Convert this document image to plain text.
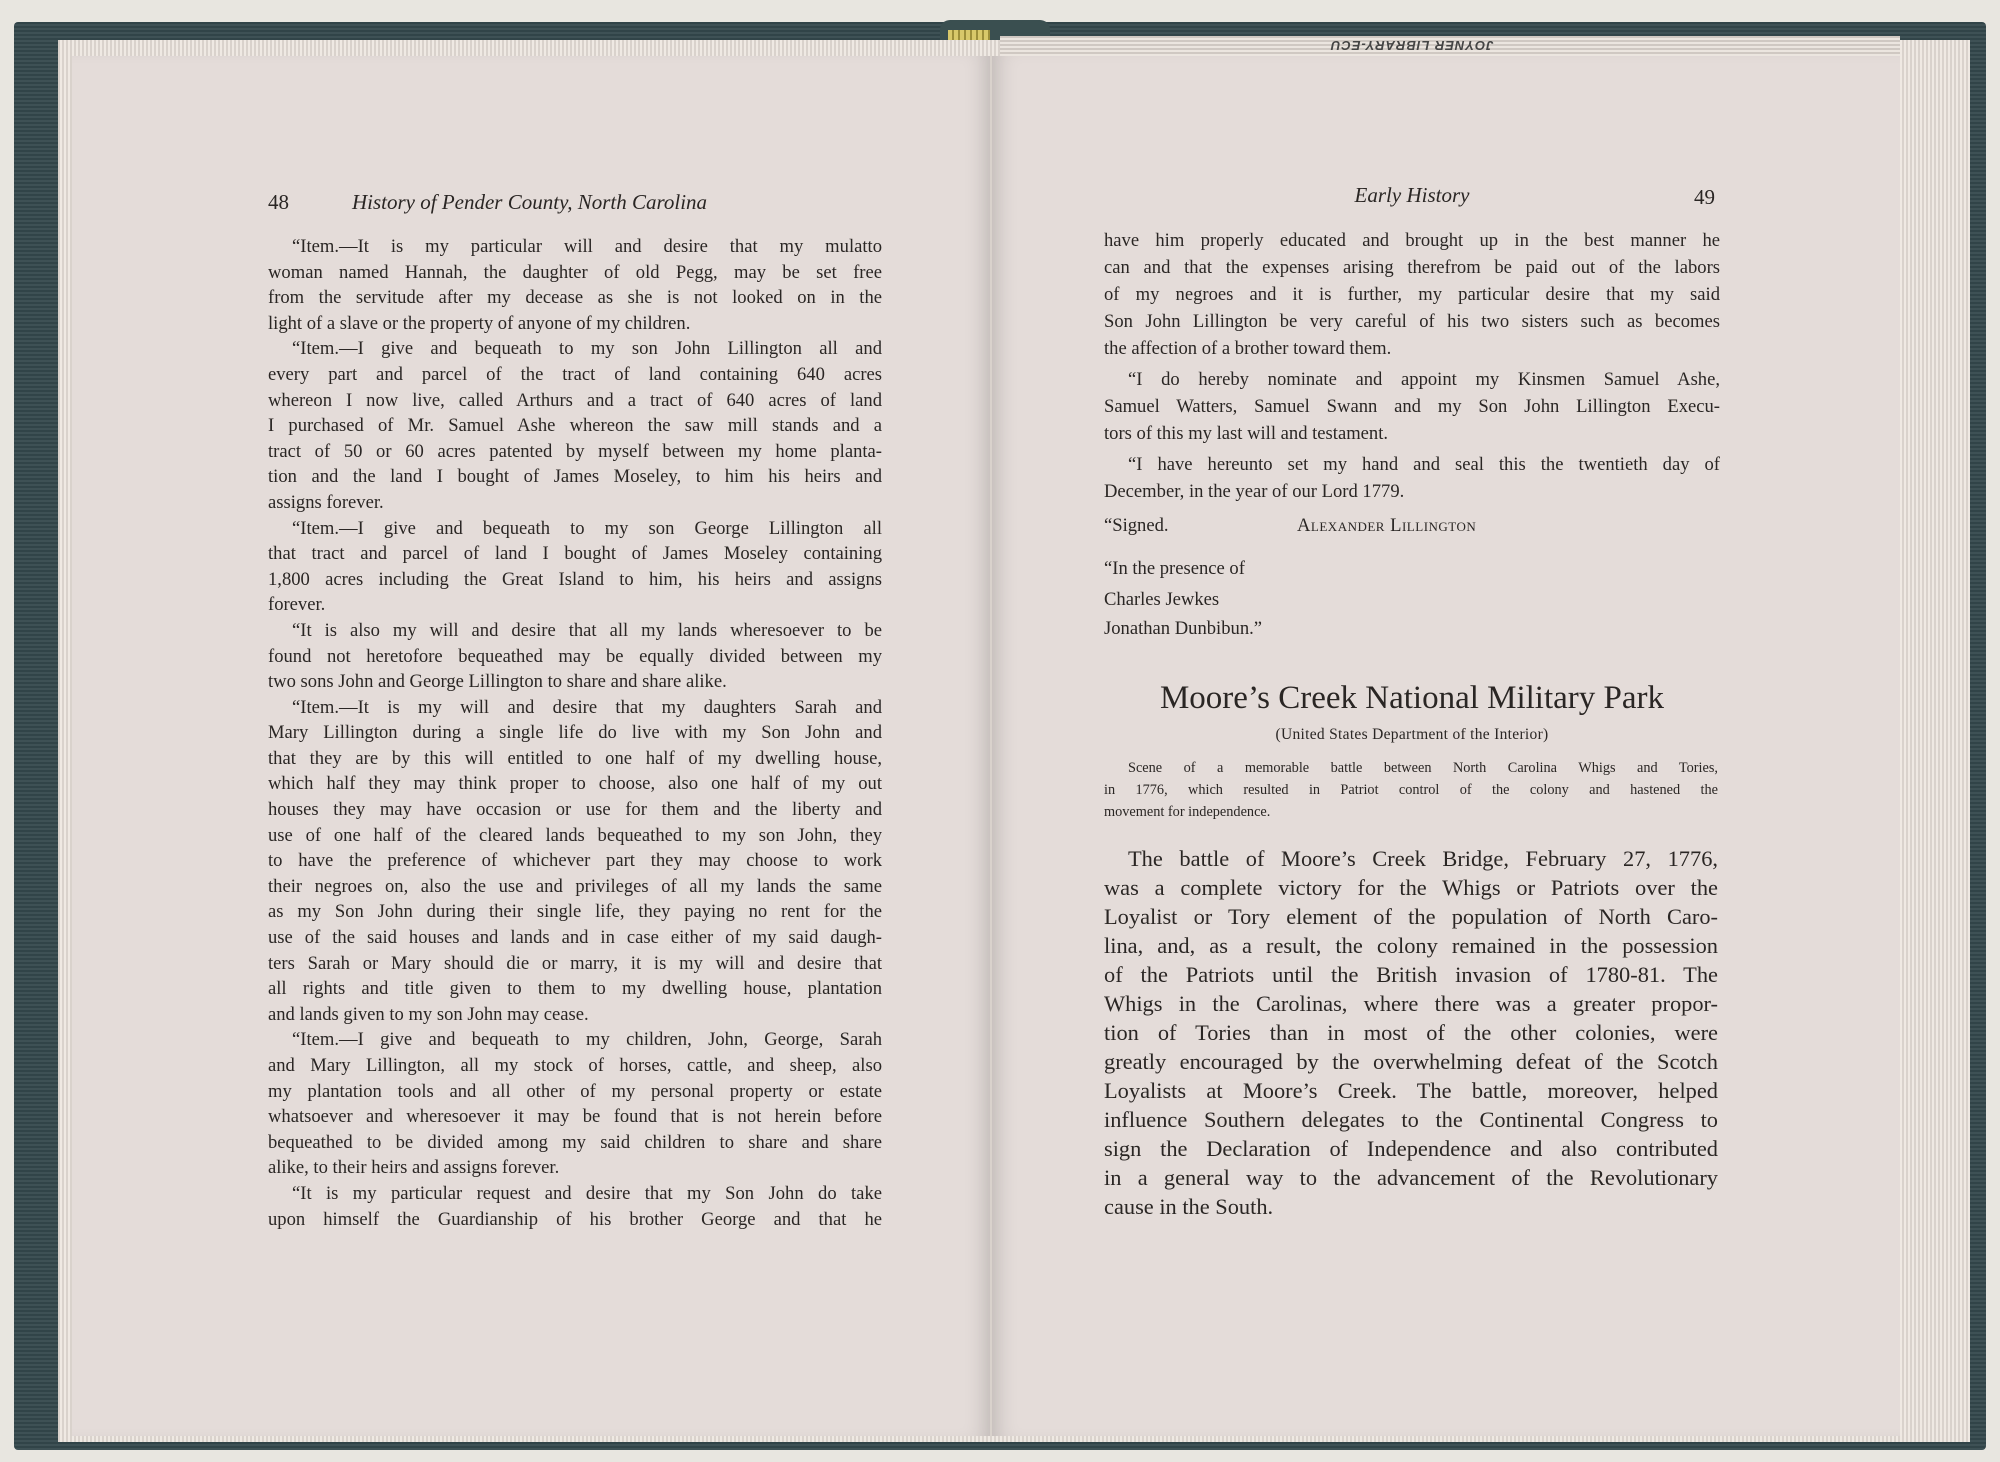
JOYNER LIBRARY-ECU
48	History of Pender County, North Carolina	Early History	49
“Item.—It is my particular will and desire that my mulatto
woman named Hannah, the daughter of old Pegg, may be set free
from the servitude after my decease as she is not looked on in the
light of a slave or the property of anyone of my children.
“Item.—I give and bequeath to my son John Lillington all and
every part and parcel of the tract of land containing 640 acres
whereon I now live, called Arthurs and a tract of 640 acres of land
I purchased of Mr. Samuel Ashe whereon the saw mill stands and a
tract of 50 or 60 acres patented by myself between my home planta-
tion and the land I bought of James Moseley, to him his heirs and
assigns forever.
“Item.—I give and bequeath to my son George Lillington all
that tract and parcel of land I bought of James Moseley containing
1,800 acres including the Great Island to him, his heirs and assigns
forever.
“It is also my will and desire that all my lands wheresoever to be
found not heretofore bequeathed may be equally divided between my
two sons John and George Lillington to share and share alike.
“Item.—It is my will and desire that my daughters Sarah and
Mary Lillington during a single life do live with my Son John and
that they are by this will entitled to one half of my dwelling house,
which half they may think proper to choose, also one half of my out
houses they may have occasion or use for them and the liberty and
use of one half of the cleared lands bequeathed to my son John, they
to have the preference of whichever part they may choose to work
their negroes on, also the use and privileges of all my lands the same
as my Son John during their single life, they paying no rent for the
use of the said houses and lands and in case either of my said daugh-
ters Sarah or Mary should die or marry, it is my will and desire that
all rights and title given to them to my dwelling house, plantation
and lands given to my son John may cease.
“Item.—I give and bequeath to my children, John, George, Sarah
and Mary Lillington, all my stock of horses, cattle, and sheep, also
my plantation tools and all other of my personal property or estate
whatsoever and wheresoever it may be found that is not herein before
bequeathed to be divided among my said children to share and share
alike, to their heirs and assigns forever.
“It is my particular request and desire that my Son John do take
upon himself the Guardianship of his brother George and that he
have him properly educated and brought up in the best manner he
can and that the expenses arising therefrom be paid out of the labors
of my negroes and it is further, my particular desire that my said
Son John Lillington be very careful of his two sisters such as becomes
the affection of a brother toward them.
“I do hereby nominate and appoint my Kinsmen Samuel Ashe,
Samuel Watters, Samuel Swann and my Son John Lillington Execu-
tors of this my last will and testament.
“I have hereunto set my hand and seal this the twentieth day of
December, in the year of our Lord 1779.
“Signed.	Alexander Lillington
“In the presence of
Charles Jewkes
Jonathan Dunbibun.”
Moore’s Creek National Military Park
(United States Department of the Interior)
Scene of a memorable battle between North Carolina Whigs and Tories,
in 1776, which resulted in Patriot control of the colony and hastened the
movement for independence.
The battle of Moore’s Creek Bridge, February 27, 1776,
was a complete victory for the Whigs or Patriots over the
Loyalist or Tory element of the population of North Caro-
lina, and, as a result, the colony remained in the possession
of the Patriots until the British invasion of 1780-81. The
Whigs in the Carolinas, where there was a greater propor-
tion of Tories than in most of the other colonies, were
greatly encouraged by the overwhelming defeat of the Scotch
Loyalists at Moore’s Creek. The battle, moreover, helped
influence Southern delegates to the Continental Congress to
sign the Declaration of Independence and also contributed
in a general way to the advancement of the Revolutionary
cause in the South.
